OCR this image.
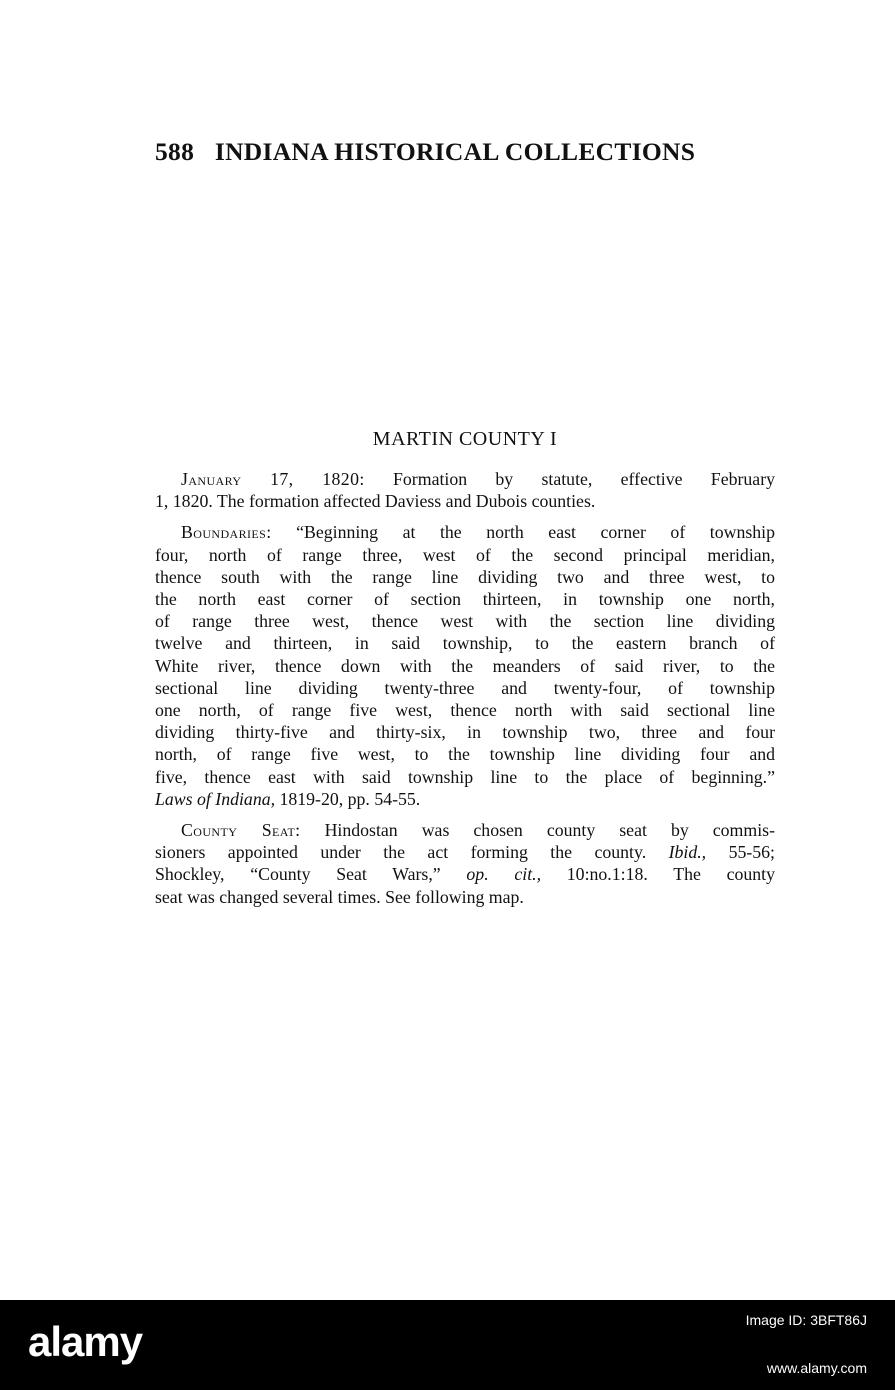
588 INDIANA HISTORICAL COLLECTIONS
MARTIN COUNTY I

January 17, 1820: Formation by statute, effective February
1, 1820. The formation affected Daviess and Dubois counties.

Boundaries: “Beginning at the north east corner of township
four, north of range three, west of the second principal meridian,
thence south with the range line dividing two and three west, to
the north east corner of section thirteen, in township one north,
of range three west, thence west with the section line dividing
twelve and thirteen, in said township, to the eastern branch of
White river, thence down with the meanders of said river, to the
sectional line dividing twenty-three and twenty-four, of township
one north, of range five west, thence north with said sectional line
dividing thirty-five and thirty-six, in township two, three and four
north, of range five west, to the township line dividing four and
five, thence east with said township line to the place of beginning.”
Laws of Indiana, 1819-20, pp. 54-55.

County Seat: Hindostan was chosen county seat by commis-
sioners appointed under the act forming the county. Ibid., 55-56;
Shockley, “County Seat Wars,” op. cit., 10:no.1:18. The county
seat was changed several times. See following map.

alamy	Image ID: 3BFT86J
www.alamy.com
